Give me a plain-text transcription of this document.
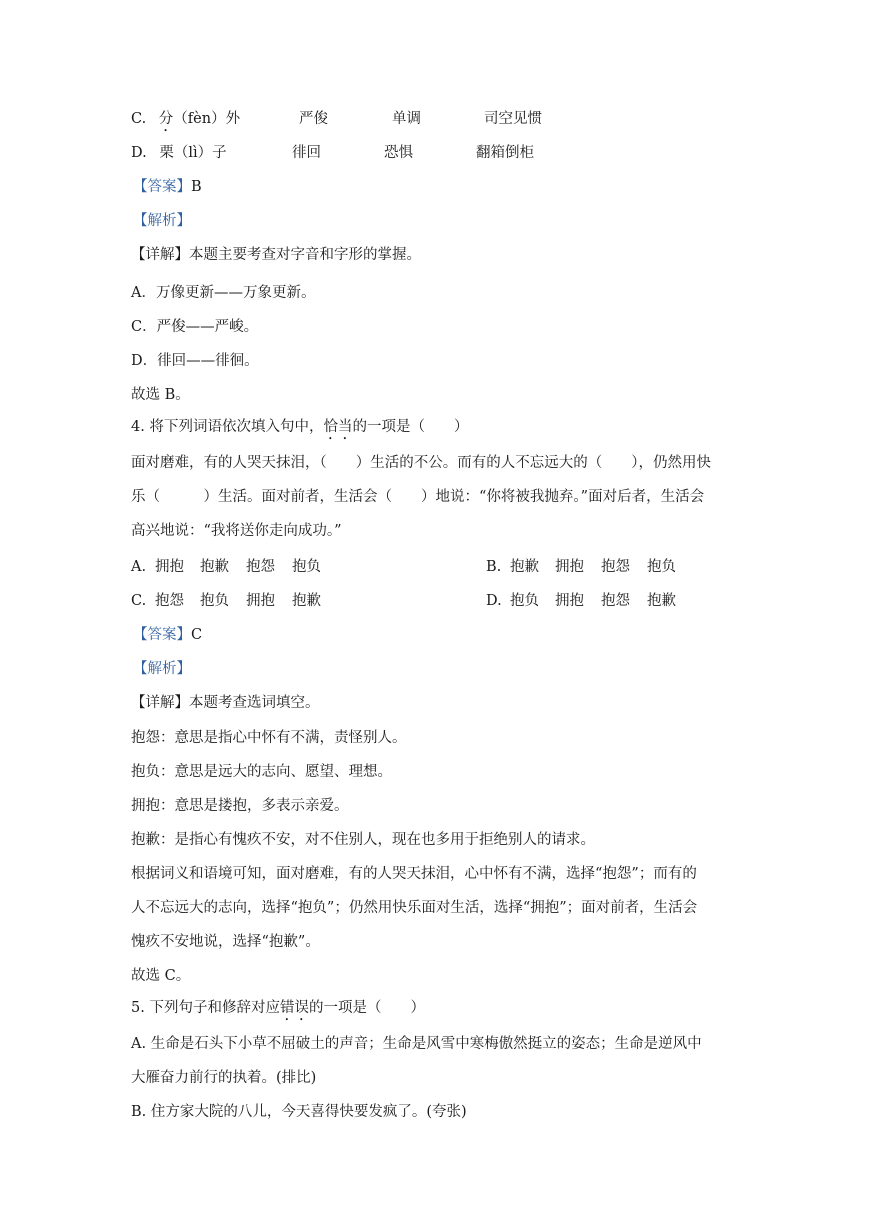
C. 分（fèn）外	严俊	单调	司空见惯
D. 栗（lì）子	徘回	恐惧	翻箱倒柜
【答案】B
【解析】
【详解】本题主要考查对字音和字形的掌握。
A．万像更新——万象更新。
C．严俊——严峻。
D．徘回——徘徊。
故选 B。
4. 将下列词语依次填入句中，恰当的一项是（　　）
面对磨难，有的人哭天抹泪，（　　）生活的不公。而有的人不忘远大的（　　），仍然用快
乐（　　　）生活。面对前者，生活会（　　）地说：“你将被我抛弃。”面对后者，生活会
高兴地说：“我将送你走向成功。”
A. 拥抱 抱歉 抱怨 抱负	B. 抱歉 拥抱 抱怨 抱负
C. 抱怨 抱负 拥抱 抱歉	D. 抱负 拥抱 抱怨 抱歉
【答案】C
【解析】
【详解】本题考查选词填空。
抱怨：意思是指心中怀有不满，责怪别人。
抱负：意思是远大的志向、愿望、理想。
拥抱：意思是搂抱，多表示亲爱。
抱歉：是指心有愧疚不安，对不住别人，现在也多用于拒绝别人的请求。
根据词义和语境可知，面对磨难，有的人哭天抹泪，心中怀有不满，选择“抱怨”；而有的
人不忘远大的志向，选择“抱负”；仍然用快乐面对生活，选择“拥抱”；面对前者，生活会
愧疚不安地说，选择“抱歉”。
故选 C。
5. 下列句子和修辞对应错误的一项是（　　）
A. 生命是石头下小草不屈破土的声音；生命是风雪中寒梅傲然挺立的姿态；生命是逆风中
大雁奋力前行的执着。(排比)
B. 住方家大院的八儿，今天喜得快要发疯了。(夸张)
